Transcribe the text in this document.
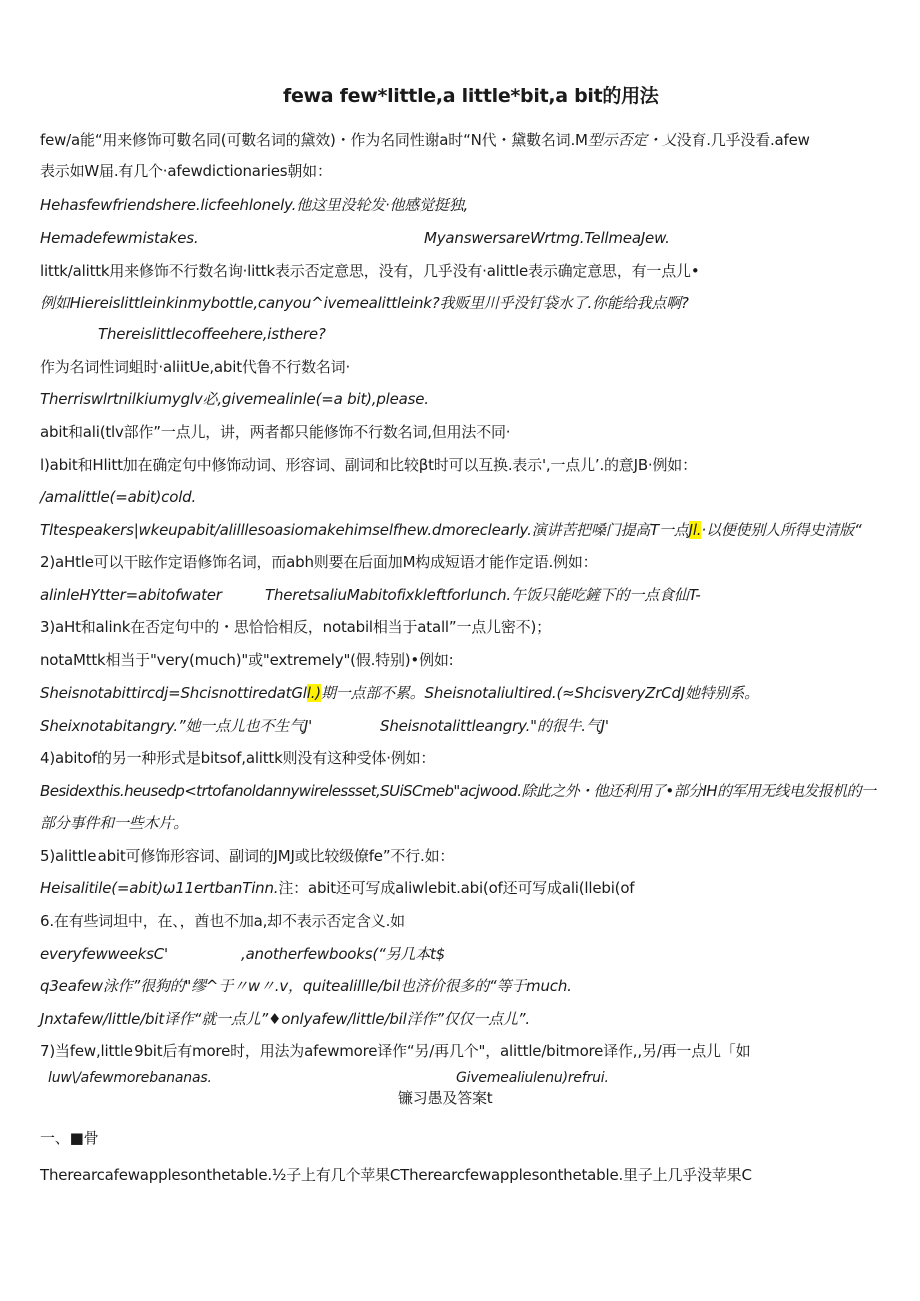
few‍a few*little,a little*bit,a bit的用法
few/a能“用来修饰可數名同(可數名词的黛效)・作为名同性谢a时“N代・黛數名词.M型示否定・乂没育.几乎没看.afew
表示如W届.有几个·afewdictionaries朝如：
Hehasfewfriendshere.licfeehlonely.他这里没轮发·他感觉挺独,
Hemadefewmistakes.	MyanswersareWrtmg.TellmeaJew.
littk/alittk用来修饰不行数名询·littk表示否定意思，没有，几乎没有·alittle表示确定意思，有一点儿•
例如Hiereislittleinkinmybottle,canyou^ivemealittleink?我贩里川乎没钉袋水了.你能给我点啊?
Thereislittlecoffeehere,isthere?
作为名词性词蛆时·aliitUe,abit代鲁不行数名词·
Therriswlrtnilkiumyglv必,givemealinle(=a bit),please.
abit和ali(tlv部作”一点儿，讲，两者都只能修饰不行数名词,但用法不同·
l)abit和Hlitt加在确定句中修饰动词、形容词、副词和比较βt时可以互换.表示',一点儿’.的意JB·例如：
/amalittle(=abit)cold.
Tltespeakers|wkeupabit/alilllesoasiomakehimselfhew.dmoreclearly.演讲苦把嗓门提高T一点Jl.·以便使别人所得史清版“
2)aHtle可以干眩作定语修饰名词，而abh则要在后面加M构成短语才能作定语.例如：
alinleHYtter=abitofwater	TheretsaliuMabitofixkleftforlunch.午饭只能吃鏟下的一点食仙T-
3)aHt和alink在否定句中的・思恰恰相反，notabil相当于atall”一点儿密不)；
notaMttk相当于"very(much)"或"extremely"(假.特别)•例如:
Sheisnotabittircdj=ShcisnottiredatGll.)期一点部不累。Sheisnotaliultired.(≈ShcisveryZrCdJ她特别系。
Sheixnotabitangry.”她一点儿也不生气J'	Sheisnotalittleangry."的很牛.气J'
4)abitof的另一种形式是bitsof,alittk则没有这种受体·例如：
Besidexthis.heusedp<trtofanoldannywirelessset,SUiSCmeb"acjwood.除此之外・他还利用了•部分IH的军用无线电发报机的一
部分事件和一些木片。
5)alittle abit可修饰形容词、副词的JMJ或比较级僚fe”不行.如：
Heisalitile(=abit)ω11ertbanTinn.注：abit还可写成aliwlebit.abi(of还可写成ali(llebi(of
6.在有些词坦中，在、，酋也不加a,却不表示否定含义.如
everyfewweeksC'	,anotherfewbooks(“另几本t$
q3eafew泳作”很狗的"缪^于〃w〃.v，quitealillle/bil也济价很多的“等于much.
Jnxtafew/little/bit译作“就一点儿”♦onlyafew/little/bil洋作”仅仅一点儿”.
7)当few,little 9bit后有more时，用法为afewmore译作“另/再几个"，alittle/bitmore译作,,另/再一点儿「如
luw\/afewmorebananas.	Givemealiulenu)refrui.
镰习愚及答案t
一、■骨
Therearcafewapplesonthetable.½子上有几个苹果CTherearcfewapplesonthetable.里子上几乎没苹果C
